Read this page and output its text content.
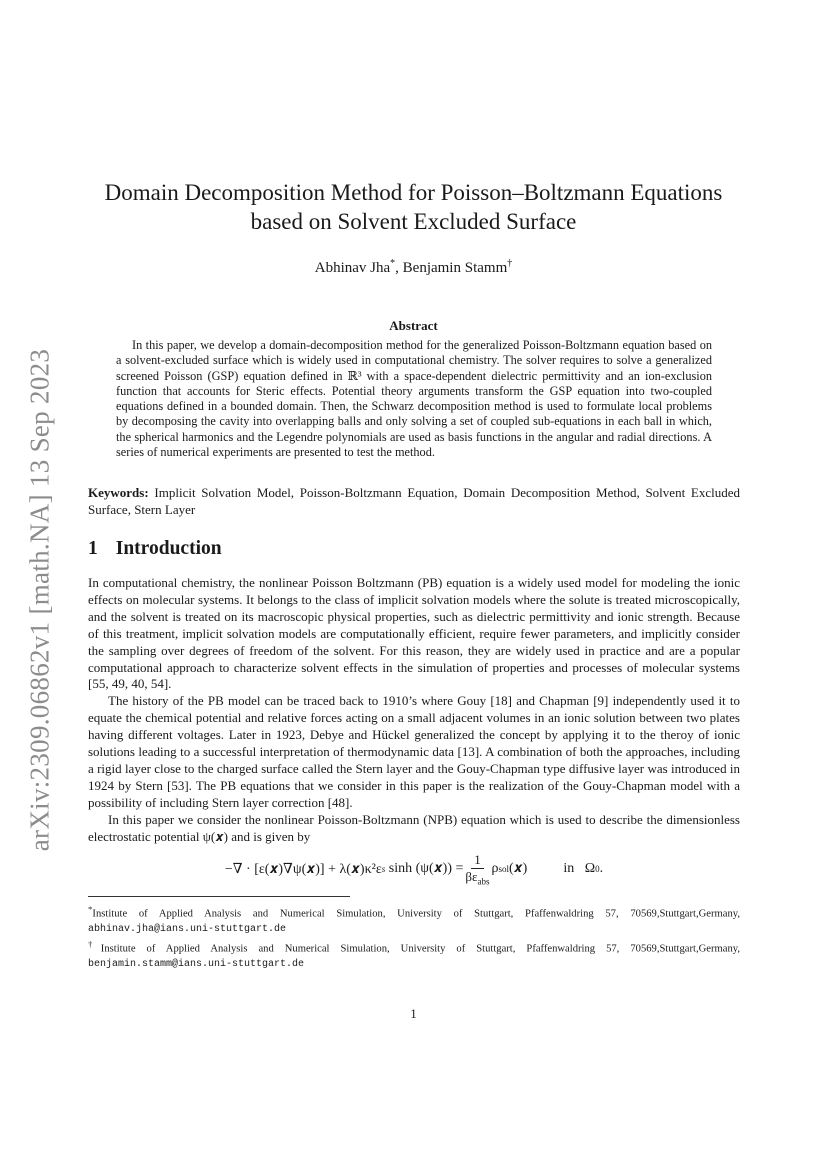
arXiv:2309.06862v1 [math.NA] 13 Sep 2023
Domain Decomposition Method for Poisson–Boltzmann Equations
based on Solvent Excluded Surface
Abhinav Jha*, Benjamin Stamm†
Abstract
In this paper, we develop a domain-decomposition method for the generalized Poisson-Boltzmann equation based on a solvent-excluded surface which is widely used in computational chemistry. The solver requires to solve a generalized screened Poisson (GSP) equation defined in ℝ³ with a space-dependent dielectric permittivity and an ion-exclusion function that accounts for Steric effects. Potential theory arguments transform the GSP equation into two-coupled equations defined in a bounded domain. Then, the Schwarz decomposition method is used to formulate local problems by decomposing the cavity into overlapping balls and only solving a set of coupled sub-equations in each ball in which, the spherical harmonics and the Legendre polynomials are used as basis functions in the angular and radial directions. A series of numerical experiments are presented to test the method.
Keywords: Implicit Solvation Model, Poisson-Boltzmann Equation, Domain Decomposition Method, Solvent Excluded Surface, Stern Layer
1 Introduction

In computational chemistry, the nonlinear Poisson Boltzmann (PB) equation is a widely used model for modeling the ionic effects on molecular systems. It belongs to the class of implicit solvation models where the solute is treated microscopically, and the solvent is treated on its macroscopic physical properties, such as dielectric permittivity and ionic strength. Because of this treatment, implicit solvation models are computationally efficient, require fewer parameters, and implicitly consider the sampling over degrees of freedom of the solvent. For this reason, they are widely used in practice and are a popular computational approach to characterize solvent effects in the simulation of properties and processes of molecular systems [55, 49, 40, 54].

The history of the PB model can be traced back to 1910’s where Gouy [18] and Chapman [9] independently used it to equate the chemical potential and relative forces acting on a small adjacent volumes in an ionic solution between two plates having different voltages. Later in 1923, Debye and Hückel generalized the concept by applying it to the theroy of ionic solutions leading to a successful interpretation of thermodynamic data [13]. A combination of both the approaches, including a rigid layer close to the charged surface called the Stern layer and the Gouy-Chapman type diffusive layer was introduced in 1924 by Stern [53]. The PB equations that we consider in this paper is the realization of the Gouy-Chapman model with a possibility of including Stern layer correction [48].

In this paper we consider the nonlinear Poisson-Boltzmann (NPB) equation which is used to describe the dimensionless electrostatic potential ψ(𝒙) and is given by

−∇ · [ε(𝒙)∇ψ(𝒙)] + λ(𝒙)κ²ε s sinh (ψ(𝒙)) = $\frac{1}{\beta\varepsilon_{abs}}$ ρ sol (𝒙)	in   Ω 0 .
*Institute of Applied Analysis and Numerical Simulation, University of Stuttgart, Pfaffenwaldring 57, 70569,Stuttgart,Germany, abhinav.jha@ians.uni-stuttgart.de
†Institute of Applied Analysis and Numerical Simulation, University of Stuttgart, Pfaffenwaldring 57, 70569,Stuttgart,Germany, benjamin.stamm@ians.uni-stuttgart.de
1
